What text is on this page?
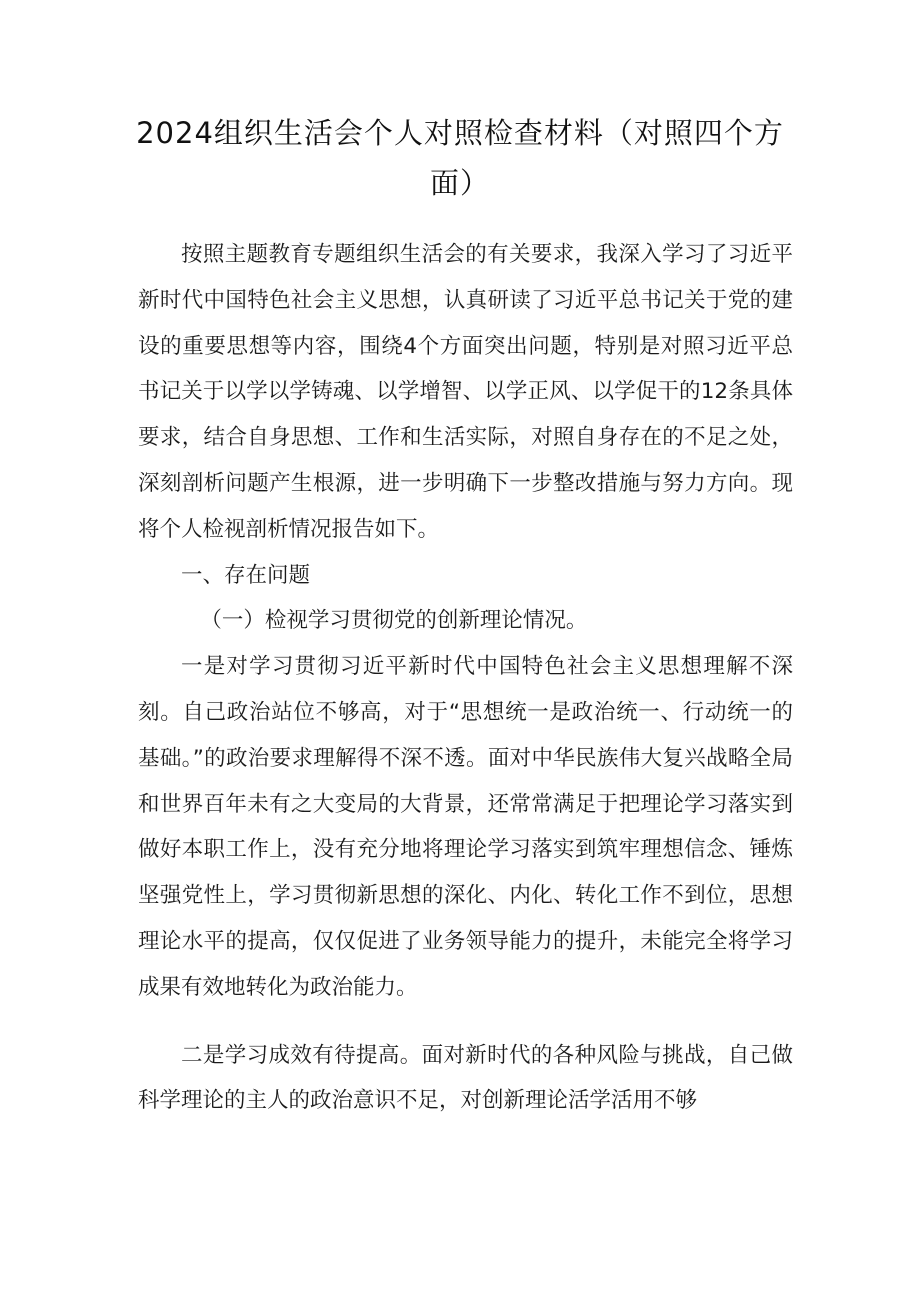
2024组织生活会个人对照检查材料（对照四个方面）

按照主题教育专题组织生活会的有关要求，我深入学习了习近平新时代中国特色社会主义思想，认真研读了习近平总书记关于党的建设的重要思想等内容，围绕4个方面突出问题，特别是对照习近平总书记关于以学以学铸魂、以学增智、以学正风、以学促干的12条具体要求，结合自身思想、工作和生活实际，对照自身存在的不足之处，深刻剖析问题产生根源，进一步明确下一步整改措施与努力方向。现将个人检视剖析情况报告如下。

一、存在问题

（一）检视学习贯彻党的创新理论情况。

一是对学习贯彻习近平新时代中国特色社会主义思想理解不深刻。自己政治站位不够高，对于“思想统一是政治统一、行动统一的基础。”的政治要求理解得不深不透。面对中华民族伟大复兴战略全局和世界百年未有之大变局的大背景，还常常满足于把理论学习落实到做好本职工作上，没有充分地将理论学习落实到筑牢理想信念、锤炼坚强党性上，学习贯彻新思想的深化、内化、转化工作不到位，思想理论水平的提高，仅仅促进了业务领导能力的提升，未能完全将学习成果有效地转化为政治能力。

二是学习成效有待提高。面对新时代的各种风险与挑战，自己做科学理论的主人的政治意识不足，对创新理论活学活用不够
